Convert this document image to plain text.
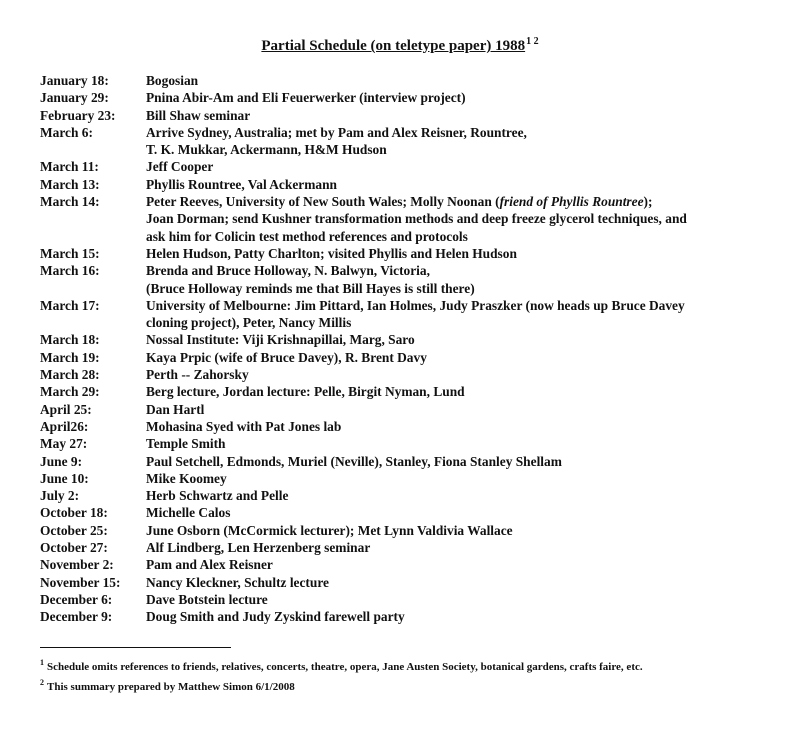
Partial Schedule (on teletype paper) $1988^{1 2}$
January 18:	Bogosian
January 29:	Pnina Abir-Am and Eli Feuerwerker (interview project)
February 23:	Bill Shaw seminar
March 6:	Arrive Sydney, Australia; met by Pam and Alex Reisner, Rountree,
T. K. Mukkar, Ackermann, H&M Hudson
March 11:	Jeff Cooper
March 13:	Phyllis Rountree, Val Ackermann
March 14:	Peter Reeves, University of New South Wales; Molly Noonan (friend of Phyllis Rountree);
Joan Dorman; send Kushner transformation methods and deep freeze glycerol techniques, and
ask him for Colicin test method references and protocols
March 15:	Helen Hudson, Patty Charlton; visited Phyllis and Helen Hudson
March 16:	Brenda and Bruce Holloway, N. Balwyn, Victoria,
(Bruce Holloway reminds me that Bill Hayes is still there)
March 17:	University of Melbourne: Jim Pittard, Ian Holmes, Judy Praszker (now heads up Bruce Davey
cloning project), Peter, Nancy Millis
March 18:	Nossal Institute: Viji Krishnapillai, Marg, Saro
March 19:	Kaya Prpic (wife of Bruce Davey), R. Brent Davy
March 28:	Perth -- Zahorsky
March 29:	Berg lecture, Jordan lecture: Pelle, Birgit Nyman, Lund
April 25:	Dan Hartl
April26:	Mohasina Syed with Pat Jones lab
May 27:	Temple Smith
June 9:	Paul Setchell, Edmonds, Muriel (Neville), Stanley, Fiona Stanley Shellam
June 10:	Mike Koomey
July 2:	Herb Schwartz and Pelle
October 18:	Michelle Calos
October 25:	June Osborn (McCormick lecturer); Met Lynn Valdivia Wallace
October 27:	Alf Lindberg, Len Herzenberg seminar
November 2:	Pam and Alex Reisner
November 15:	Nancy Kleckner, Schultz lecture
December 6:	Dave Botstein lecture
December 9:	Doug Smith and Judy Zyskind farewell party
$^1$ Schedule omits references to friends, relatives, concerts, theatre, opera, Jane Austen Society, botanical gardens, crafts faire, etc.
$^2$ This summary prepared by Matthew Simon 6/1/2008
